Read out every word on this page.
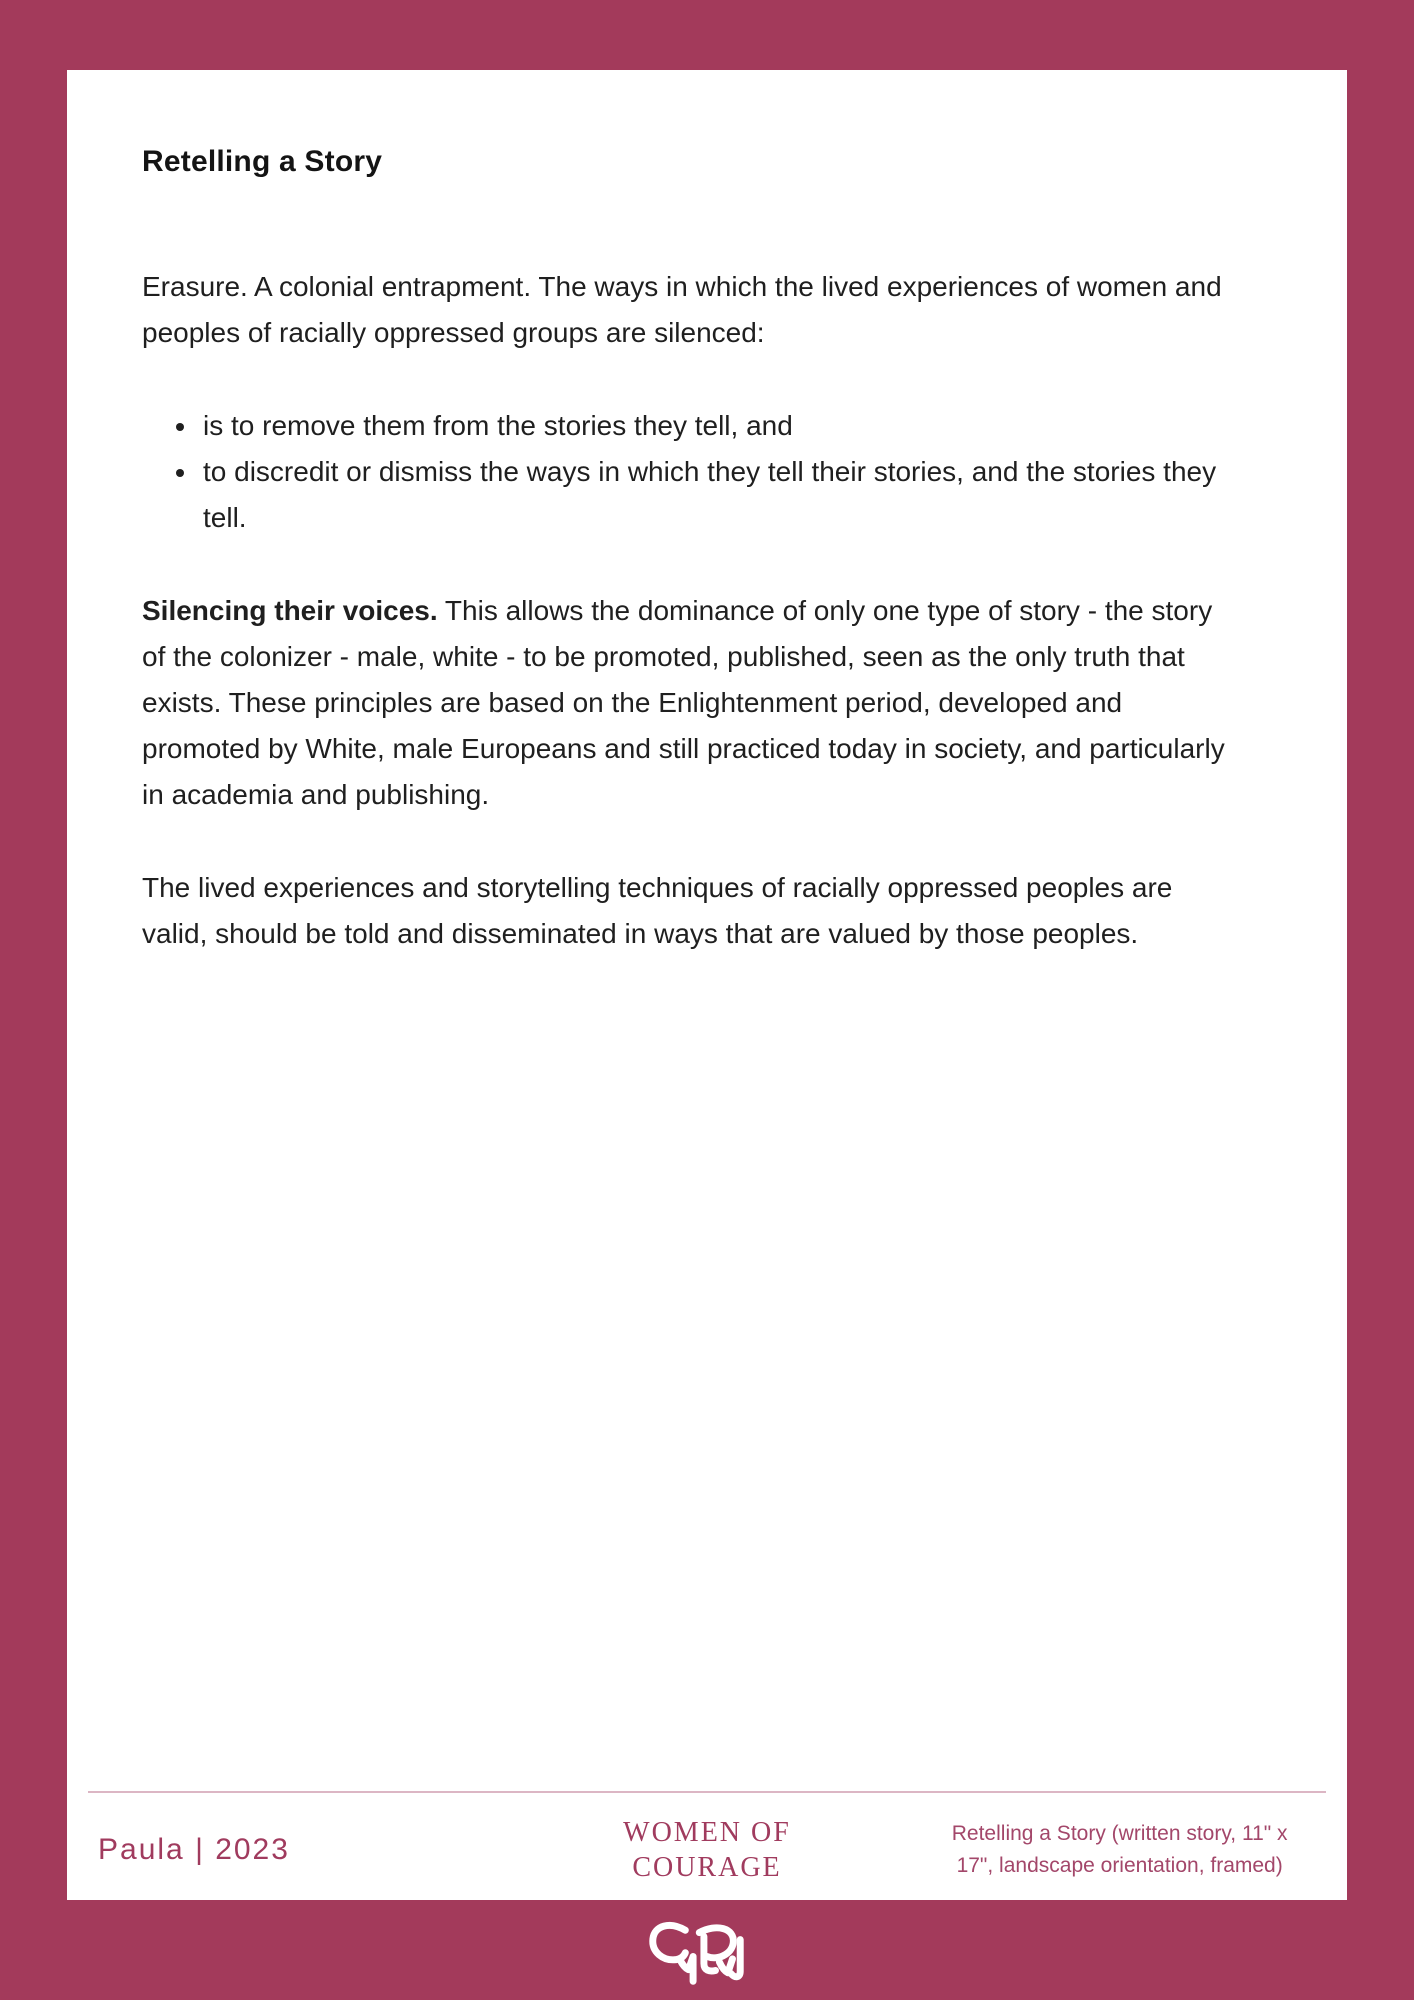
Retelling a Story

Erasure. A colonial entrapment. The ways in which the lived experiences of women and peoples of racially oppressed groups are silenced:

• is to remove them from the stories they tell, and
• to discredit or dismiss the ways in which they tell their stories, and the stories they tell.

Silencing their voices. This allows the dominance of only one type of story - the story of the colonizer - male, white - to be promoted, published, seen as the only truth that exists. These principles are based on the Enlightenment period, developed and promoted by White, male Europeans and still practiced today in society, and particularly in academia and publishing.

The lived experiences and storytelling techniques of racially oppressed peoples are valid, should be told and disseminated in ways that are valued by those peoples.

Paula | 2023
WOMEN OF
COURAGE
Retelling a Story (written story, 11" x 17", landscape orientation, framed)
